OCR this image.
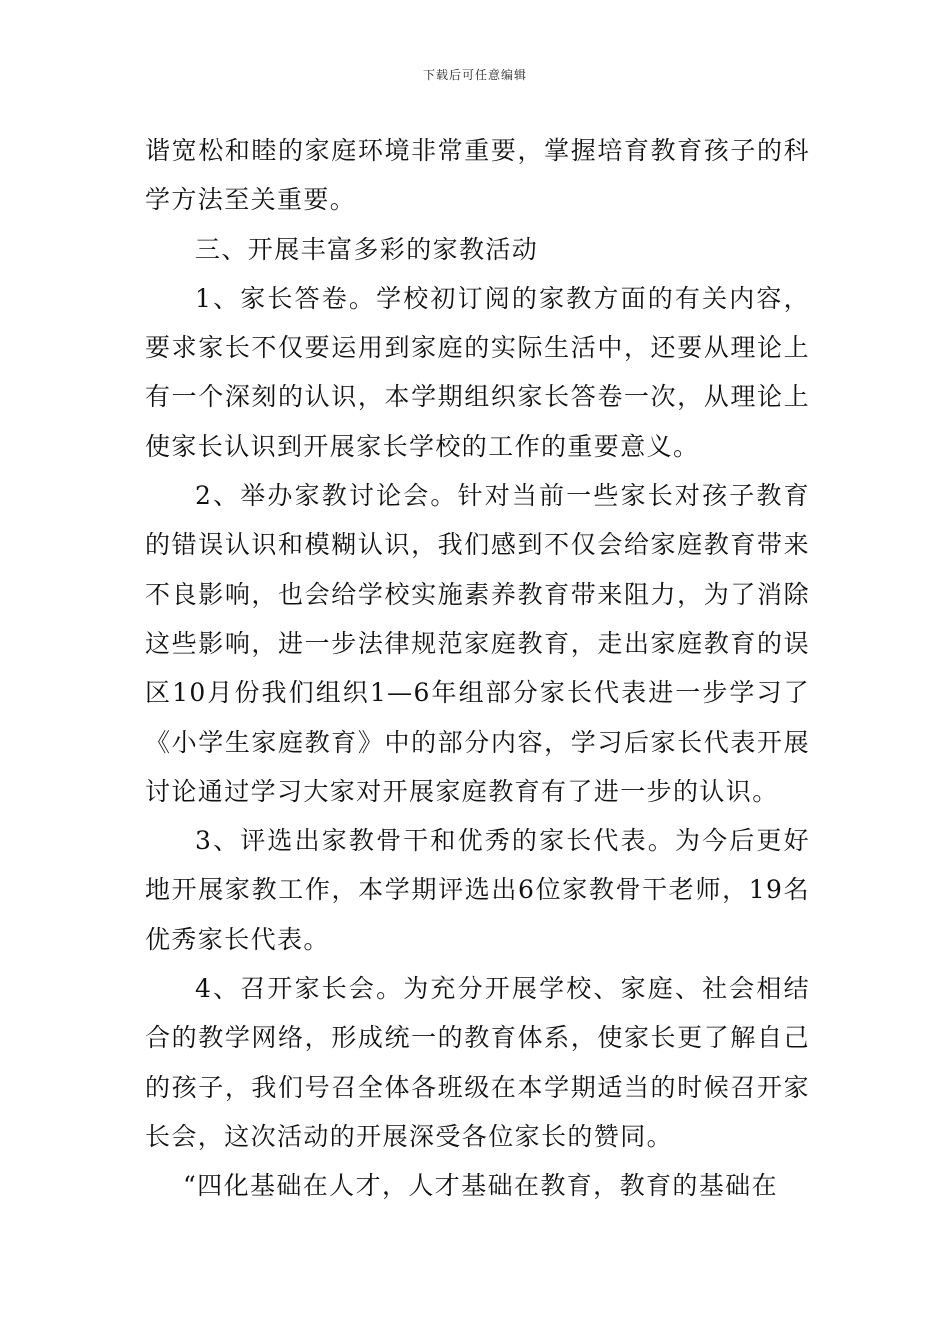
下载后可任意编辑

谐宽松和睦的家庭环境非常重要，掌握培育教育孩子的科学方法至关重要。

三、开展丰富多彩的家教活动

1、家长答卷。学校初订阅的家教方面的有关内容，要求家长不仅要运用到家庭的实际生活中，还要从理论上有一个深刻的认识，本学期组织家长答卷一次，从理论上使家长认识到开展家长学校的工作的重要意义。

2、举办家教讨论会。针对当前一些家长对孩子教育的错误认识和模糊认识，我们感到不仅会给家庭教育带来不良影响，也会给学校实施素养教育带来阻力，为了消除这些影响，进一步法律规范家庭教育，走出家庭教育的误区10月份我们组织1—6年组部分家长代表进一步学习了《小学生家庭教育》中的部分内容，学习后家长代表开展讨论通过学习大家对开展家庭教育有了进一步的认识。

3、评选出家教骨干和优秀的家长代表。为今后更好地开展家教工作，本学期评选出6位家教骨干老师，19名优秀家长代表。

4、召开家长会。为充分开展学校、家庭、社会相结合的教学网络，形成统一的教育体系，使家长更了解自己的孩子，我们号召全体各班级在本学期适当的时候召开家长会，这次活动的开展深受各位家长的赞同。

“四化基础在人才，人才基础在教育，教育的基础在
